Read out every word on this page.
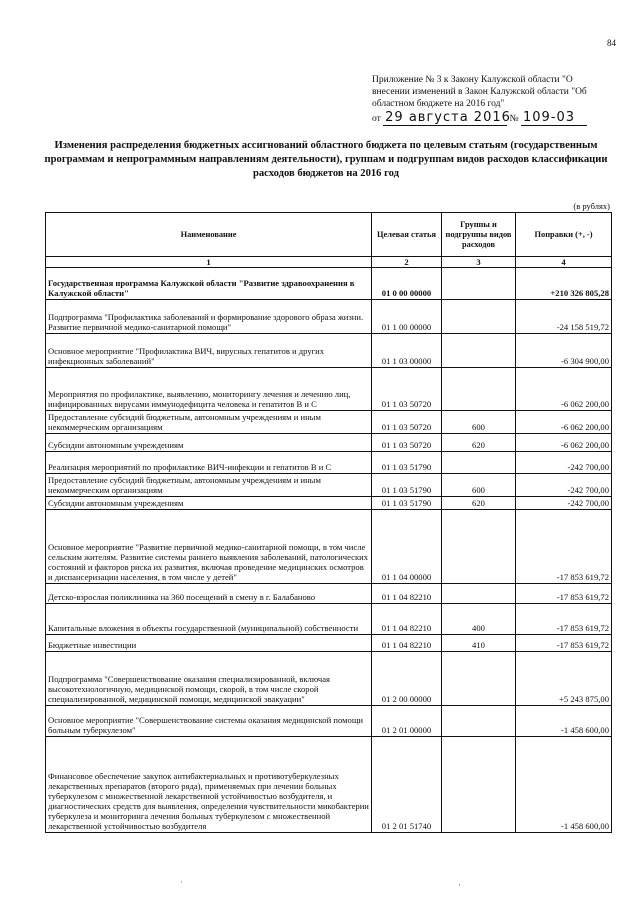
84
Приложение № 3 к Закону Калужской области "О внесении изменений в Закон Калужской области "Об областном бюджете на 2016 год"
от 29 августа 2016 № 109-03
Изменения распределения бюджетных ассигнований областного бюджета по целевым статьям (государственным программам и непрограммным направлениям деятельности), группам и подгруппам видов расходов классификации расходов бюджетов на 2016 год
(в рублях)
Наименование	Целевая статья	Группы и подгруппы видов расходов	Поправки (+, -)
1	2	3	4
Государственная программа Калужской области "Развитие здравоохранения в Калужской области"	01 0 00 00000		+210 326 805,28
Подпрограмма "Профилактика заболеваний и формирование здорового образа жизни. Развитие первичной медико-санитарной помощи"	01 1 00 00000		-24 158 519,72
Основное мероприятие "Профилактика ВИЧ, вирусных гепатитов и других инфекционных заболеваний"	01 1 03 00000		-6 304 900,00
Мероприятия по профилактике, выявлению, мониторингу лечения и лечению лиц, инфицированных вирусами иммунодефицита человека и гепатитов В и С	01 1 03 50720		-6 062 200,00
Предоставление субсидий бюджетным, автономным учреждениям и иным некоммерческим организациям	01 1 03 50720	600	-6 062 200,00
Субсидии автономным учреждениям	01 1 03 50720	620	-6 062 200,00
Реализация мероприятий по профилактике ВИЧ-инфекции и гепатитов В и С	01 1 03 51790		-242 700,00
Предоставление субсидий бюджетным, автономным учреждениям и иным некоммерческим организациям	01 1 03 51790	600	-242 700,00
Субсидии автономным учреждениям	01 1 03 51790	620	-242 700,00
Основное мероприятие "Развитие первичной медико-санитарной помощи, в том числе сельским жителям. Развитие системы раннего выявления заболеваний, патологических состояний и факторов риска их развития, включая проведение медицинских осмотров и диспансеризации населения, в том числе у детей"	01 1 04 00000		-17 853 619,72
Детско-взрослая поликлиника на 360 посещений в смену в г. Балабаново	01 1 04 82210		-17 853 619,72
Капитальные вложения в объекты государственной (муниципальной) собственности	01 1 04 82210	400	-17 853 619,72
Бюджетные инвестиции	01 1 04 82210	410	-17 853 619,72
Подпрограмма "Совершенствование оказания специализированной, включая высокотехнологичную, медицинской помощи, скорой, в том числе скорой специализированной, медицинской помощи, медицинской эвакуации"	01 2 00 00000		+5 243 875,00
Основное мероприятие "Совершенствование системы оказания медицинской помощи больным туберкулезом"	01 2 01 00000		-1 458 600,00
Финансовое обеспечение закупок антибактериальных и противотуберкулезных лекарственных препаратов (второго ряда), применяемых при лечении больных туберкулезом с множественной лекарственной устойчивостью возбудителя, и диагностических средств для выявления, определения чувствительности микобактерии туберкулеза и мониторинга лечения больных туберкулезом с множественной лекарственной устойчивостью возбудителя	01 2 01 51740		-1 458 600,00
˙	·
